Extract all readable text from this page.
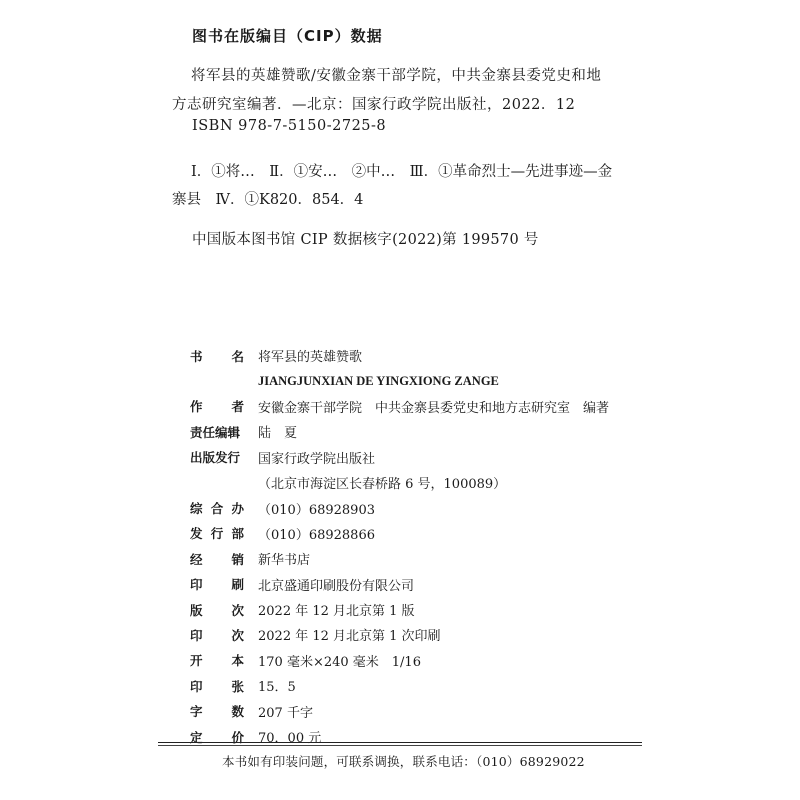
图书在版编目（CIP）数据
将军县的英雄赞歌/安徽金寨干部学院，中共金寨县委党史和地
方志研究室编著．—北京：国家行政学院出版社，2022．12
ISBN 978-7-5150-2725-8
Ⅰ．①将…　Ⅱ．①安…　②中…　Ⅲ．①革命烈士—先进事迹—金
寨县　Ⅳ．①K820．854．4
中国版本图书馆 CIP 数据核字(2022)第 199570 号
书 名 将军县的英雄赞歌
JIANGJUNXIAN DE YINGXIONG ZANGE
作 者 安徽金寨干部学院　中共金寨县委党史和地方志研究室　编著
责任编辑 陆　夏
出版发行 国家行政学院出版社
（北京市海淀区长春桥路 6 号，100089）
综 合 办 （010）68928903
发 行 部 （010）68928866
经 销 新华书店
印 刷 北京盛通印刷股份有限公司
版 次 2022 年 12 月北京第 1 版
印 次 2022 年 12 月北京第 1 次印刷
开 本 170 毫米×240 毫米　1/16
印 张 15．5
字 数 207 千字
定 价 70．00 元
本书如有印装问题，可联系调换，联系电话：（010）68929022
